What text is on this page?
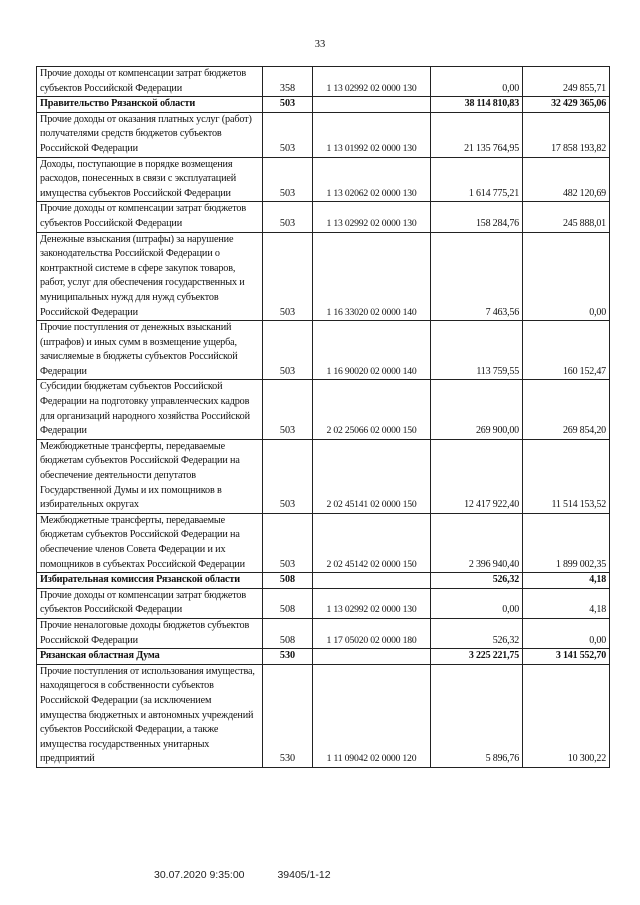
33
Прочие доходы от компенсации затрат бюджетов субъектов Российской Федерации	358	1 13 02992 02 0000 130	0,00	249 855,71
Правительство Рязанской области	503		38 114 810,83	32 429 365,06
Прочие доходы от оказания платных услуг (работ) получателями средств бюджетов субъектов Российской Федерации	503	1 13 01992 02 0000 130	21 135 764,95	17 858 193,82
Доходы, поступающие в порядке возмещения расходов, понесенных в связи с эксплуатацией имущества субъектов Российской Федерации	503	1 13 02062 02 0000 130	1 614 775,21	482 120,69
Прочие доходы от компенсации затрат бюджетов субъектов Российской Федерации	503	1 13 02992 02 0000 130	158 284,76	245 888,01
Денежные взыскания (штрафы) за нарушение законодательства Российской Федерации о контрактной системе в сфере закупок товаров, работ, услуг для обеспечения государственных и муниципальных нужд для нужд субъектов Российской Федерации	503	1 16 33020 02 0000 140	7 463,56	0,00
Прочие поступления от денежных взысканий (штрафов) и иных сумм в возмещение ущерба, зачисляемые в бюджеты субъектов Российской Федерации	503	1 16 90020 02 0000 140	113 759,55	160 152,47
Субсидии бюджетам субъектов Российской Федерации на подготовку управленческих кадров для организаций народного хозяйства Российской Федерации	503	2 02 25066 02 0000 150	269 900,00	269 854,20
Межбюджетные трансферты, передаваемые бюджетам субъектов Российской Федерации на обеспечение деятельности депутатов Государственной Думы и их помощников в избирательных округах	503	2 02 45141 02 0000 150	12 417 922,40	11 514 153,52
Межбюджетные трансферты, передаваемые бюджетам субъектов Российской Федерации на обеспечение членов Совета Федерации и их помощников в субъектах Российской Федерации	503	2 02 45142 02 0000 150	2 396 940,40	1 899 002,35
Избирательная комиссия Рязанской области	508		526,32	4,18
Прочие доходы от компенсации затрат бюджетов субъектов Российской Федерации	508	1 13 02992 02 0000 130	0,00	4,18
Прочие неналоговые доходы бюджетов субъектов Российской Федерации	508	1 17 05020 02 0000 180	526,32	0,00
Рязанская областная Дума	530		3 225 221,75	3 141 552,70
Прочие поступления от использования имущества, находящегося в собственности субъектов Российской Федерации (за исключением имущества бюджетных и автономных учреждений субъектов Российской Федерации, а также имущества государственных унитарных предприятий	530	1 11 09042 02 0000 120	5 896,76	10 300,22
30.07.2020 9:35:00	39405/1-12
